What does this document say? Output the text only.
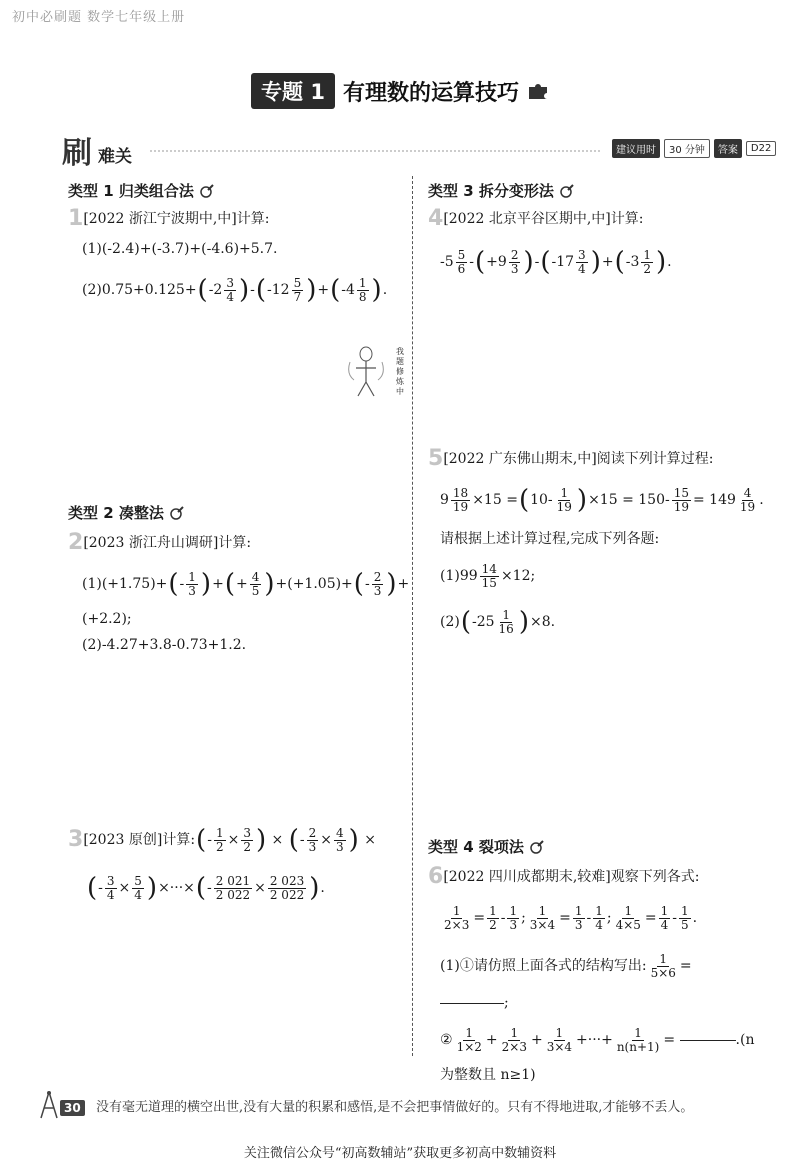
初中必刷题 数学七年级上册
专题 1 有理数的运算技巧
刷 难关	建议用时	30 分钟	答案	D22
类型 1 归类组合法
1 [2022 浙江宁波期中,中]计算:
(1)(-2.4)+(-3.7)+(-4.6)+5.7.
(2)0.75+0.125+ ( $-2 \frac{3}{4}$ ) - ( $-12 \frac{5}{7}$ ) + ( $-4 \frac{1}{8}$ ) .
我
题
修
炼
中
类型 2 凑整法
2 [2023 浙江舟山调研]计算:
(1)(+1.75)+ ( - $\frac{1}{3}$ ) + ( + $\frac{4}{5}$ ) +(+1.05)+ ( - $\frac{2}{3}$ ) +
(+2.2);
(2)-4.27+3.8-0.73+1.2.
3 [2023 原创]计算: ( - $\frac{1}{2} \times \frac{3}{2}$ ) × ( - $\frac{2}{3} \times \frac{4}{3}$ ) ×
( - $\frac{3}{4} \times \frac{5}{4}$ ) ×···× ( - $\frac{2 021}{2 022} \times \frac{2 023}{2 022}$ ) .
类型 3 拆分变形法
4 [2022 北京平谷区期中,中]计算:
$-5 \frac{5}{6}$ - ( $+9 \frac{2}{3}$ ) - ( $-17 \frac{3}{4}$ ) + ( $-3 \frac{1}{2}$ ) .
5 [2022 广东佛山期末,中]阅读下列计算过程:
$9 \frac{18}{19} \times 15$ = ( $10- \frac{1}{19}$ ) $\times 15 = 150- \frac{15}{19} = 149 \frac{4}{19}$ .
请根据上述计算过程,完成下列各题:
$(1)99 \frac{14}{15} \times 12$;
(2) ( $-25 \frac{1}{16}$ ) ×8.
类型 4 裂项法
6 [2022 四川成都期末,较难]观察下列各式:
$\frac{1}{2\times 3} = \frac{1}{2} - \frac{1}{3}$ ; $\frac{1}{3\times 4} = \frac{1}{3} - \frac{1}{4}$ ; $\frac{1}{4\times 5} = \frac{1}{4} - \frac{1}{5}$ .
(1)①请仿照上面各式的结构写出: $\frac{1}{5\times 6}$ =
;
② $\frac{1}{1\times 2} + \frac{1}{2\times 3} + \frac{1}{3\times 4}$ +···+ $\frac{1}{n(n+1)}$ =	.(n
为整数且 n≥1)
30	没有毫无道理的横空出世,没有大量的积累和感悟,是不会把事情做好的。只有不得地进取,才能够不丢人。
关注微信公众号“初高数辅站”获取更多初高中数辅资料
